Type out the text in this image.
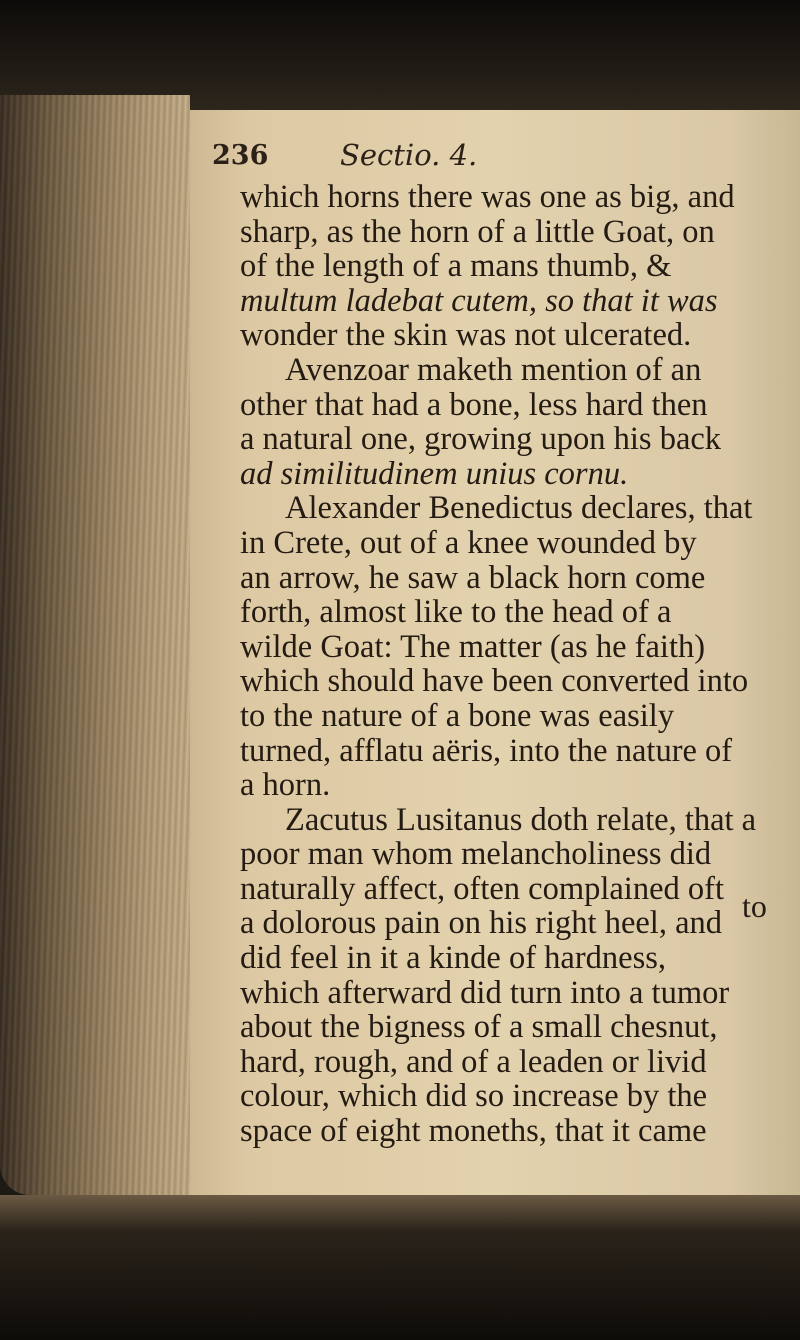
236 Sectio. 4.
which horns there was one as big, and
sharp, as the horn of a little Goat, on
of the length of a mans thumb, &
multum ladebat cutem, so that it was
wonder the skin was not ulcerated.
Avenzoar maketh mention of an
other that had a bone, less hard then
a natural one, growing upon his back
ad similitudinem unius cornu.
Alexander Benedictus declares, that
in Crete, out of a knee wounded by
an arrow, he saw a black horn come
forth, almost like to the head of a
wilde Goat: The matter (as he faith)
which should have been converted into
to the nature of a bone was easily
turned, afflatu aëris, into the nature of
a horn.
Zacutus Lusitanus doth relate, that a
poor man whom melancholiness did
naturally affect, often complained oft
a dolorous pain on his right heel, and
did feel in it a kinde of hardness,
which afterward did turn into a tumor
about the bigness of a small chesnut,
hard, rough, and of a leaden or livid
colour, which did so increase by the
space of eight moneths, that it came
to
